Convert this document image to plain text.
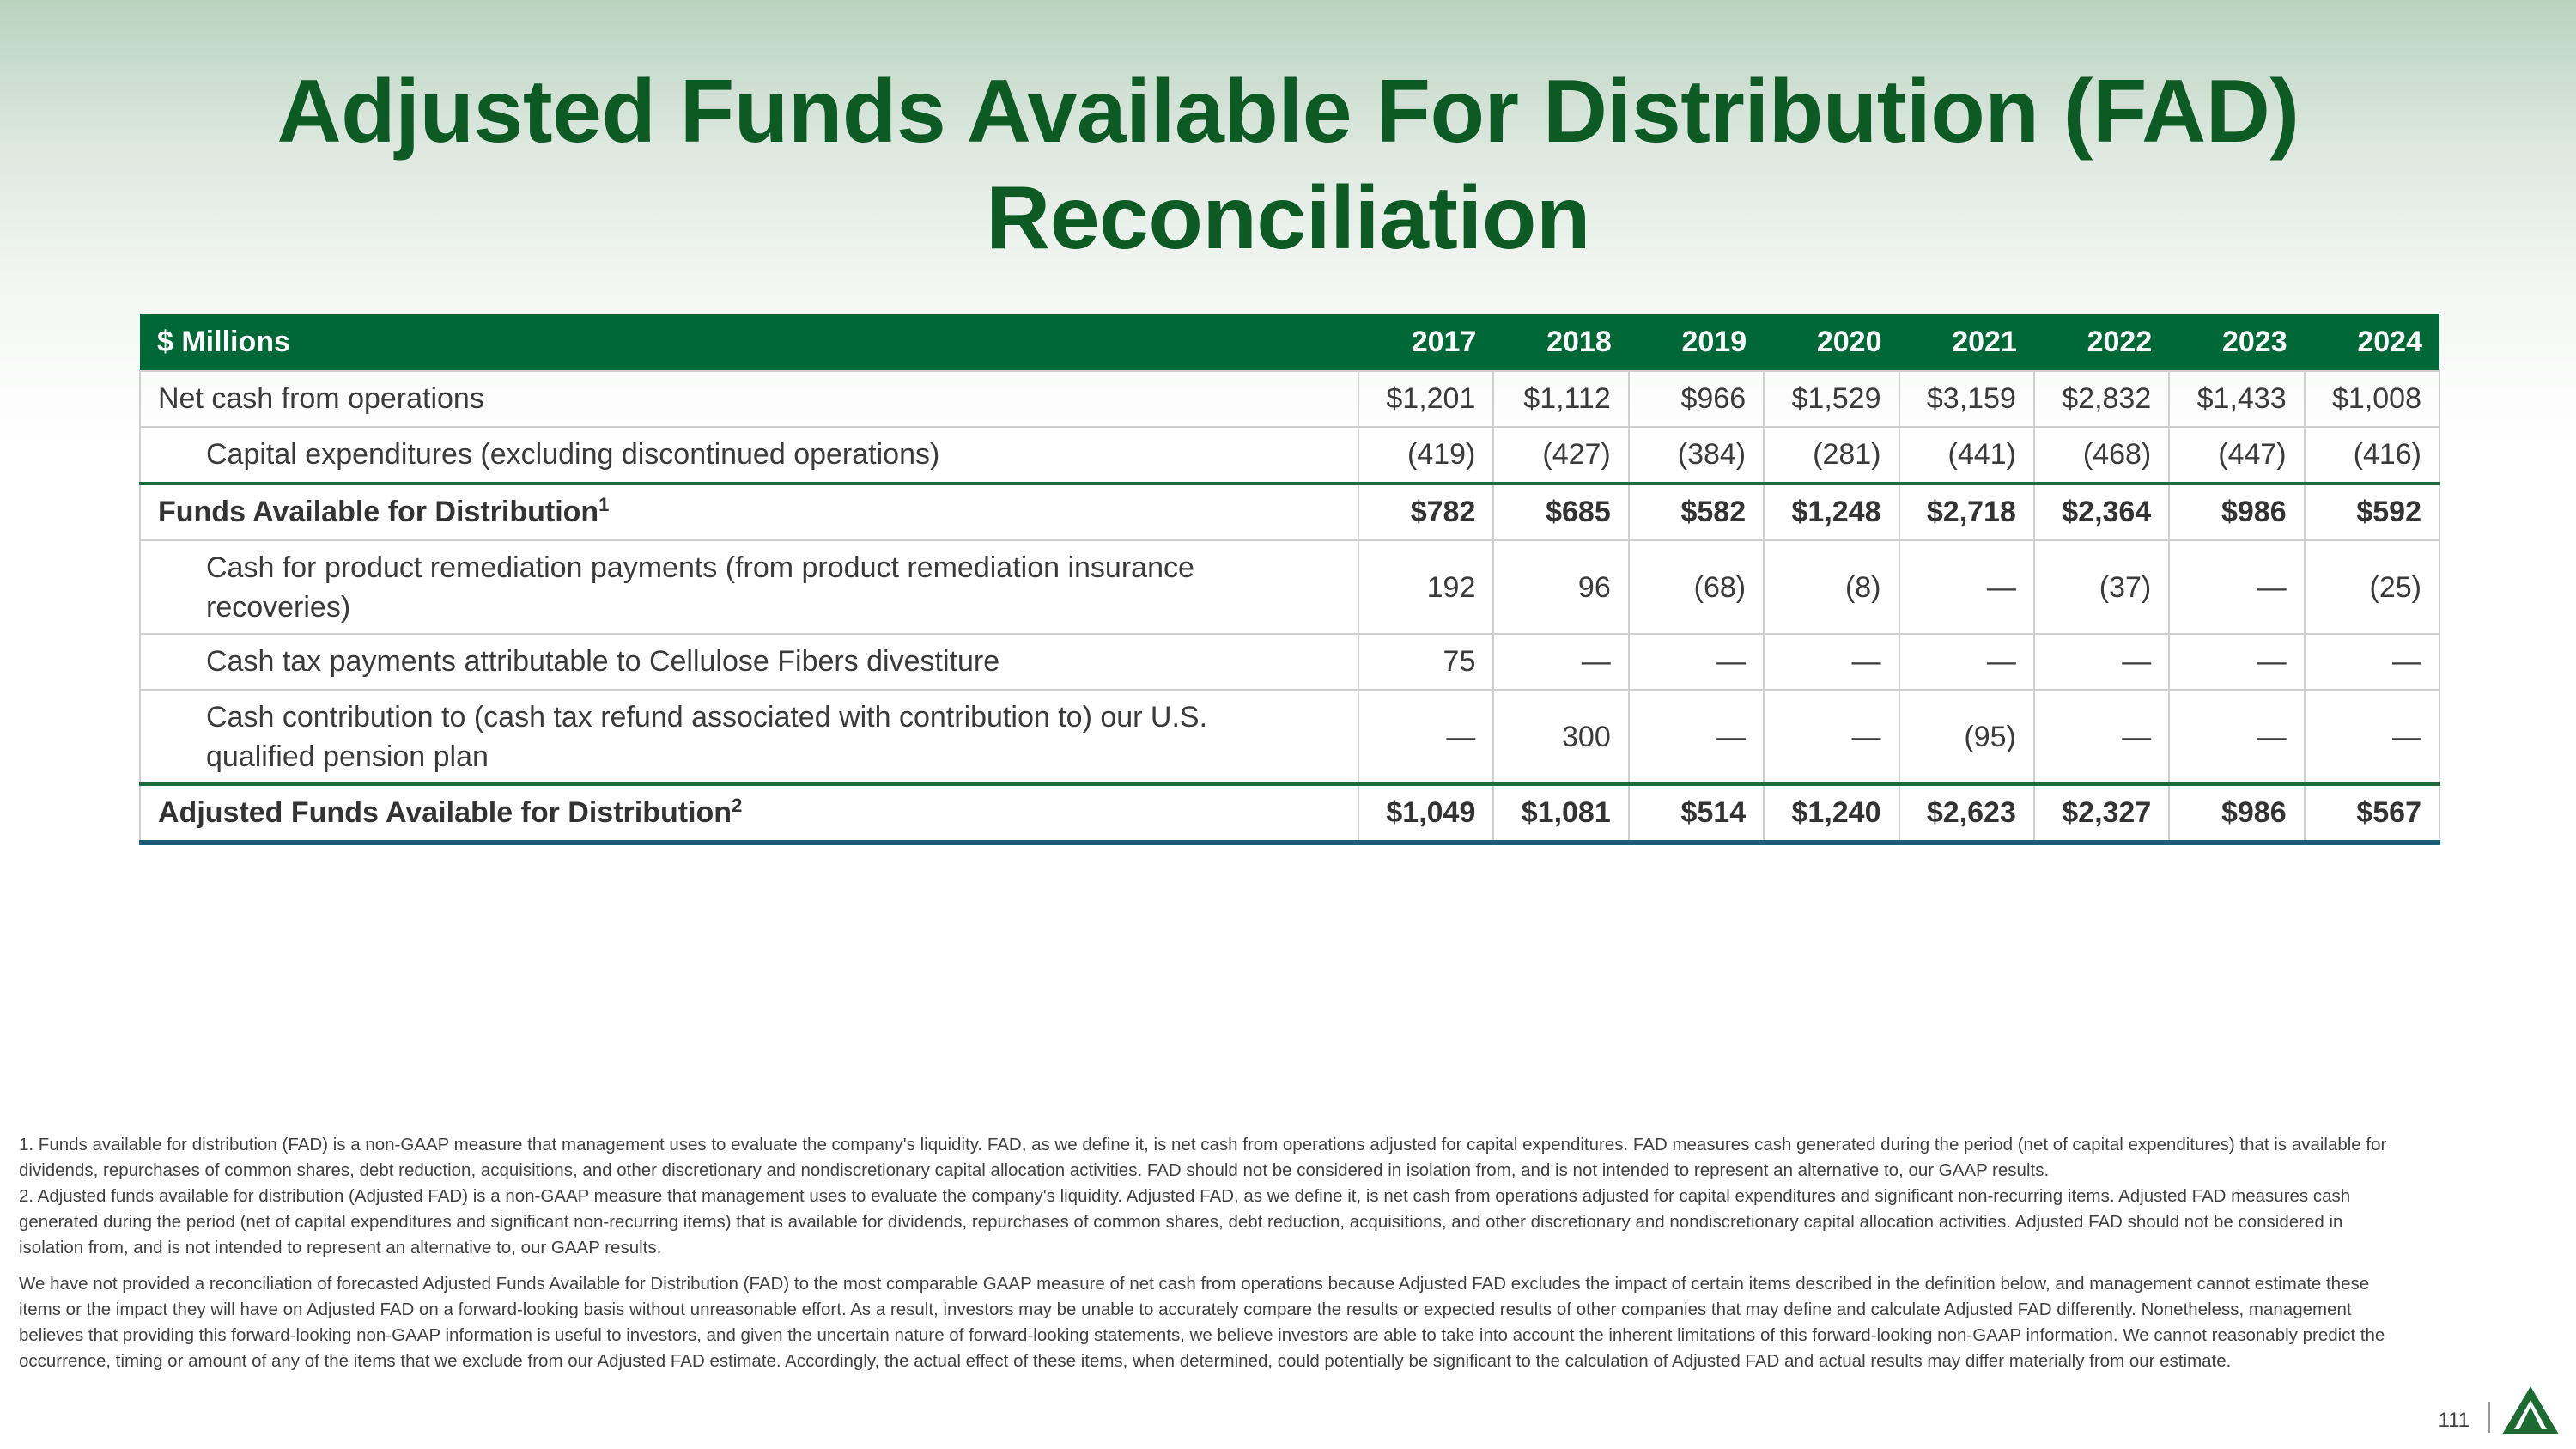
Adjusted Funds Available For Distribution (FAD)
Reconciliation
$ Millions	2017	2018	2019	2020	2021	2022	2023	2024
Net cash from operations	$1,201	$1,112	$966	$1,529	$3,159	$2,832	$1,433	$1,008
Capital expenditures (excluding discontinued operations)	(419)	(427)	(384)	(281)	(441)	(468)	(447)	(416)
Funds Available for Distribution$^1$	$782	$685	$582	$1,248	$2,718	$2,364	$986	$592

Cash for product remediation payments (from product remediation insurance recoveries)	192	96	(68)	(8)	—	(37)	—	(25)
Cash tax payments attributable to Cellulose Fibers divestiture	75	—	—	—	—	—	—	—

Cash contribution to (cash tax refund associated with contribution to) our U.S. qualified pension plan	—	300	—	—	(95)	—	—	—
Adjusted Funds Available for Distribution$^2$	$1,049	$1,081	$514	$1,240	$2,623	$2,327	$986	$567

1. Funds available for distribution (FAD) is a non-GAAP measure that management uses to evaluate the company's liquidity. FAD, as we define it, is net cash from operations adjusted for capital expenditures. FAD measures cash generated during the period (net of capital expenditures) that is available for dividends, repurchases of common shares, debt reduction, acquisitions, and other discretionary and nondiscretionary capital allocation activities. FAD should not be considered in isolation from, and is not intended to represent an alternative to, our GAAP results.

2. Adjusted funds available for distribution (Adjusted FAD) is a non-GAAP measure that management uses to evaluate the company's liquidity. Adjusted FAD, as we define it, is net cash from operations adjusted for capital expenditures and significant non-recurring items. Adjusted FAD measures cash generated during the period (net of capital expenditures and significant non-recurring items) that is available for dividends, repurchases of common shares, debt reduction, acquisitions, and other discretionary and nondiscretionary capital allocation activities. Adjusted FAD should not be considered in isolation from, and is not intended to represent an alternative to, our GAAP results.

We have not provided a reconciliation of forecasted Adjusted Funds Available for Distribution (FAD) to the most comparable GAAP measure of net cash from operations because Adjusted FAD excludes the impact of certain items described in the definition below, and management cannot estimate these items or the impact they will have on Adjusted FAD on a forward-looking basis without unreasonable effort. As a result, investors may be unable to accurately compare the results or expected results of other companies that may define and calculate Adjusted FAD differently. Nonetheless, management believes that providing this forward-looking non-GAAP information is useful to investors, and given the uncertain nature of forward-looking statements, we believe investors are able to take into account the inherent limitations of this forward-looking non-GAAP information. We cannot reasonably predict the occurrence, timing or amount of any of the items that we exclude from our Adjusted FAD estimate. Accordingly, the actual effect of these items, when determined, could potentially be significant to the calculation of Adjusted FAD and actual results may differ materially from our estimate.

111
